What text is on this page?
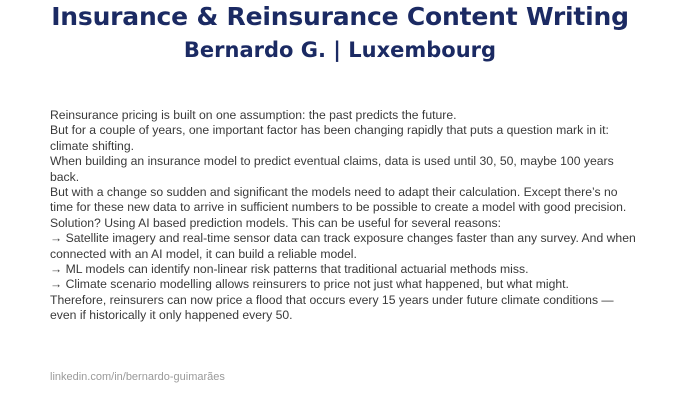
Insurance & Reinsurance Content Writing
Bernardo G. | Luxembourg

Reinsurance pricing is built on one assumption: the past predicts the future.

But for a couple of years, one important factor has been changing rapidly that puts a question mark in it: climate shifting.

When building an insurance model to predict eventual claims, data is used until 30, 50, maybe 100 years back.

But with a change so sudden and significant the models need to adapt their calculation. Except there’s no time for these new data to arrive in sufficient numbers to be possible to create a model with good precision.

Solution? Using AI based prediction models. This can be useful for several reasons:

→ Satellite imagery and real-time sensor data can track exposure changes faster than any survey. And when connected with an AI model, it can build a reliable model.

→ ML models can identify non-linear risk patterns that traditional actuarial methods miss.

→ Climate scenario modelling allows reinsurers to price not just what happened, but what might.

Therefore, reinsurers can now price a flood that occurs every 15 years under future climate conditions — even if historically it only happened every 50.

linkedin.com/in/bernardo-guimarães
